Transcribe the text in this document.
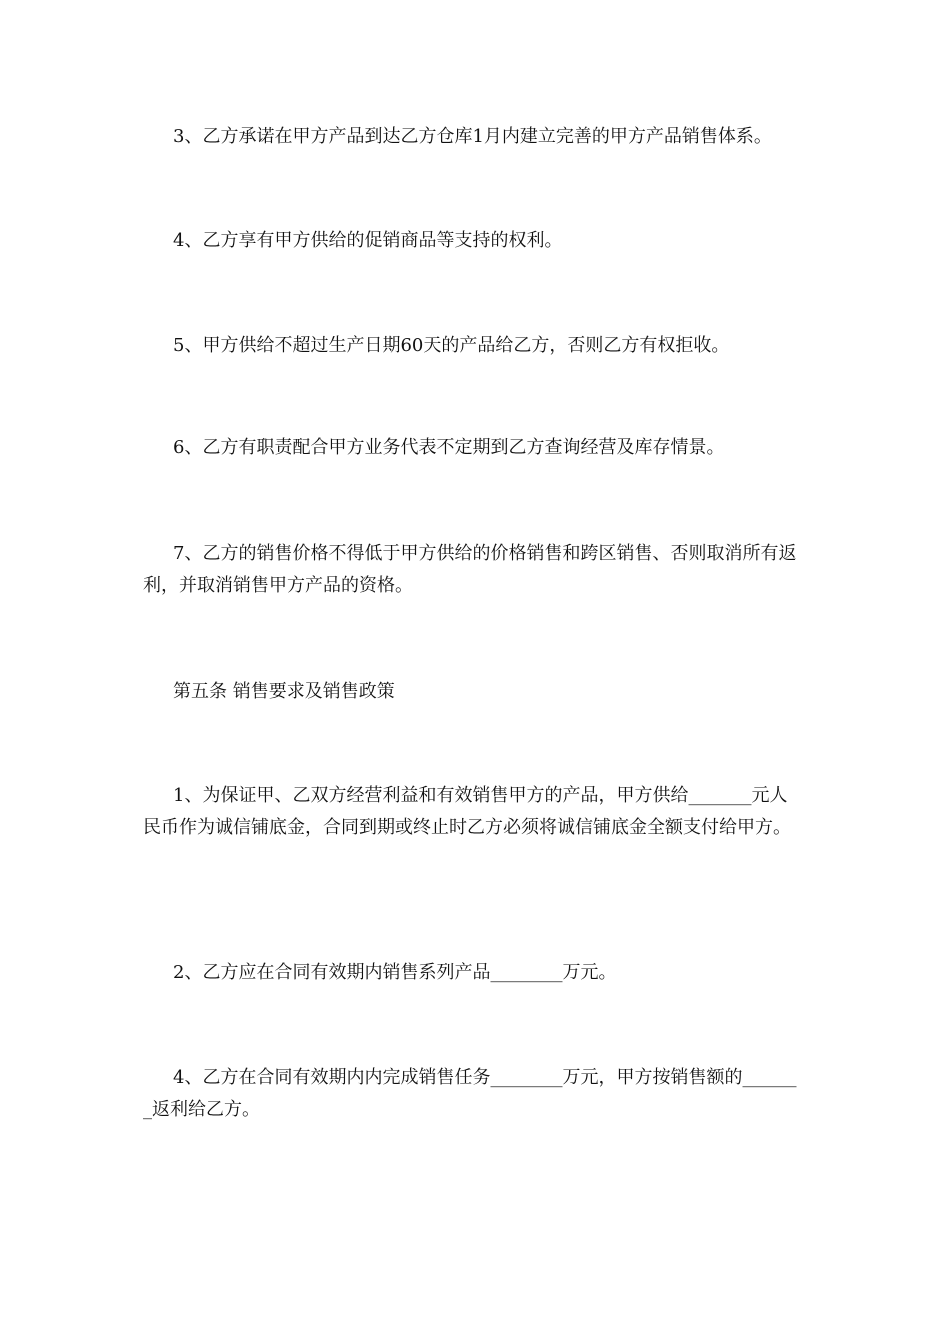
3、乙方承诺在甲方产品到达乙方仓库1月内建立完善的甲方产品销售体系。
4、乙方享有甲方供给的促销商品等支持的权利。
5、甲方供给不超过生产日期60天的产品给乙方，否则乙方有权拒收。
6、乙方有职责配合甲方业务代表不定期到乙方查询经营及库存情景。
7、乙方的销售价格不得低于甲方供给的价格销售和跨区销售、否则取消所有返利，并取消销售甲方产品的资格。
第五条 销售要求及销售政策
1、为保证甲、乙双方经营利益和有效销售甲方的产品，甲方供给_______元人民币作为诚信铺底金，合同到期或终止时乙方必须将诚信铺底金全额支付给甲方。
2、乙方应在合同有效期内销售系列产品________万元。
4、乙方在合同有效期内内完成销售任务________万元，甲方按销售额的_______返利给乙方。
